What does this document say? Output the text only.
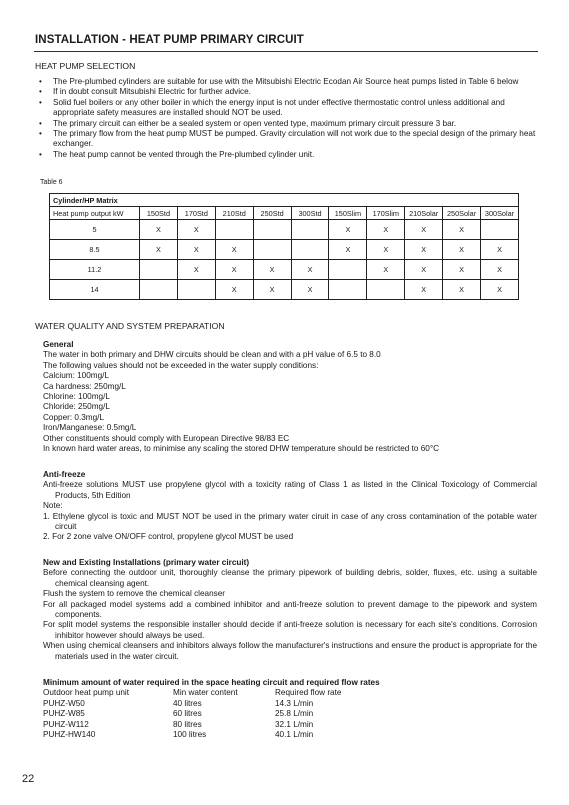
INSTALLATION - HEAT PUMP PRIMARY CIRCUIT
HEAT PUMP SELECTION
• The Pre-plumbed cylinders are suitable for use with the Mitsubishi Electric Ecodan Air Source heat pumps listed in Table 6 below
• If in doubt consult Mitsubishi Electric for further advice.
• Solid fuel boilers or any other boiler in which the energy input is not under effective thermostatic control unless additional and appropriate safety measures are installed should NOT be used.
• The primary circuit can either be a sealed system or open vented type, maximum primary circuit pressure 3 bar.
• The primary flow from the heat pump MUST be pumped. Gravity circulation will not work due to the special design of the primary heat exchanger.
• The heat pump cannot be vented through the Pre-plumbed cylinder unit.
Table 6
Cylinder/HP Matrix										
Heat pump output kW	150Std	170Std	210Std	250Std	300Std	150Slim	170Slim	210Solar	250Solar	300Solar
5	X	X				X	X	X	X	
8.5	X	X	X			X	X	X	X	X
11.2		X	X	X	X		X	X	X	X
14			X	X	X			X	X	X
WATER QUALITY AND SYSTEM PREPARATION

General

The water in both primary and DHW circuits should be clean and with a pH value of 6.5 to 8.0

The following values should not be exceeded in the water supply conditions:

Calcium: 100mg/L

Ca hardness: 250mg/L

Chlorine: 100mg/L

Chloride: 250mg/L

Copper: 0.3mg/L

Iron/Manganese: 0.5mg/L

Other constituents should comply with European Directive 98/83 EC

In known hard water areas, to minimise any scaling the stored DHW temperature should be restricted to 60°C

Anti-freeze

Anti-freeze solutions MUST use propylene glycol with a toxicity rating of Class 1 as listed in the Clinical Toxicology of Commercial Products, 5th Edition

Note:

1. Ethylene glycol is toxic and MUST NOT be used in the primary water ciruit in case of any cross contamination of the potable water circuit

2. For 2 zone valve ON/OFF control, propylene glycol MUST be used

New and Existing Installations (primary water circuit)

Before connecting the outdoor unit, thoroughly cleanse the primary pipework of building debris, solder, fluxes, etc. using a suitable chemical cleansing agent.

Flush the system to remove the chemical cleanser

For all packaged model systems add a combined inhibitor and anti-freeze solution to prevent damage to the pipework and system components.

For split model systems the responsible installer should decide if anti-freeze solution is necessary for each site's conditions. Corrosion inhibitor however should always be used.

When using chemical cleansers and inhibitors always follow the manufacturer's instructions and ensure the product is appropriate for the materials used in the water circuit.

Minimum amount of water required in the space heating circuit and required flow rates

Outdoor heat pump unit	Min water content	Required flow rate
PUHZ-W50	40 litres	14.3 L/min
PUHZ-W85	60 litres	25.8 L/min
PUHZ-W112	80 litres	32.1 L/min
PUHZ-HW140	100 litres	40.1 L/min
22
